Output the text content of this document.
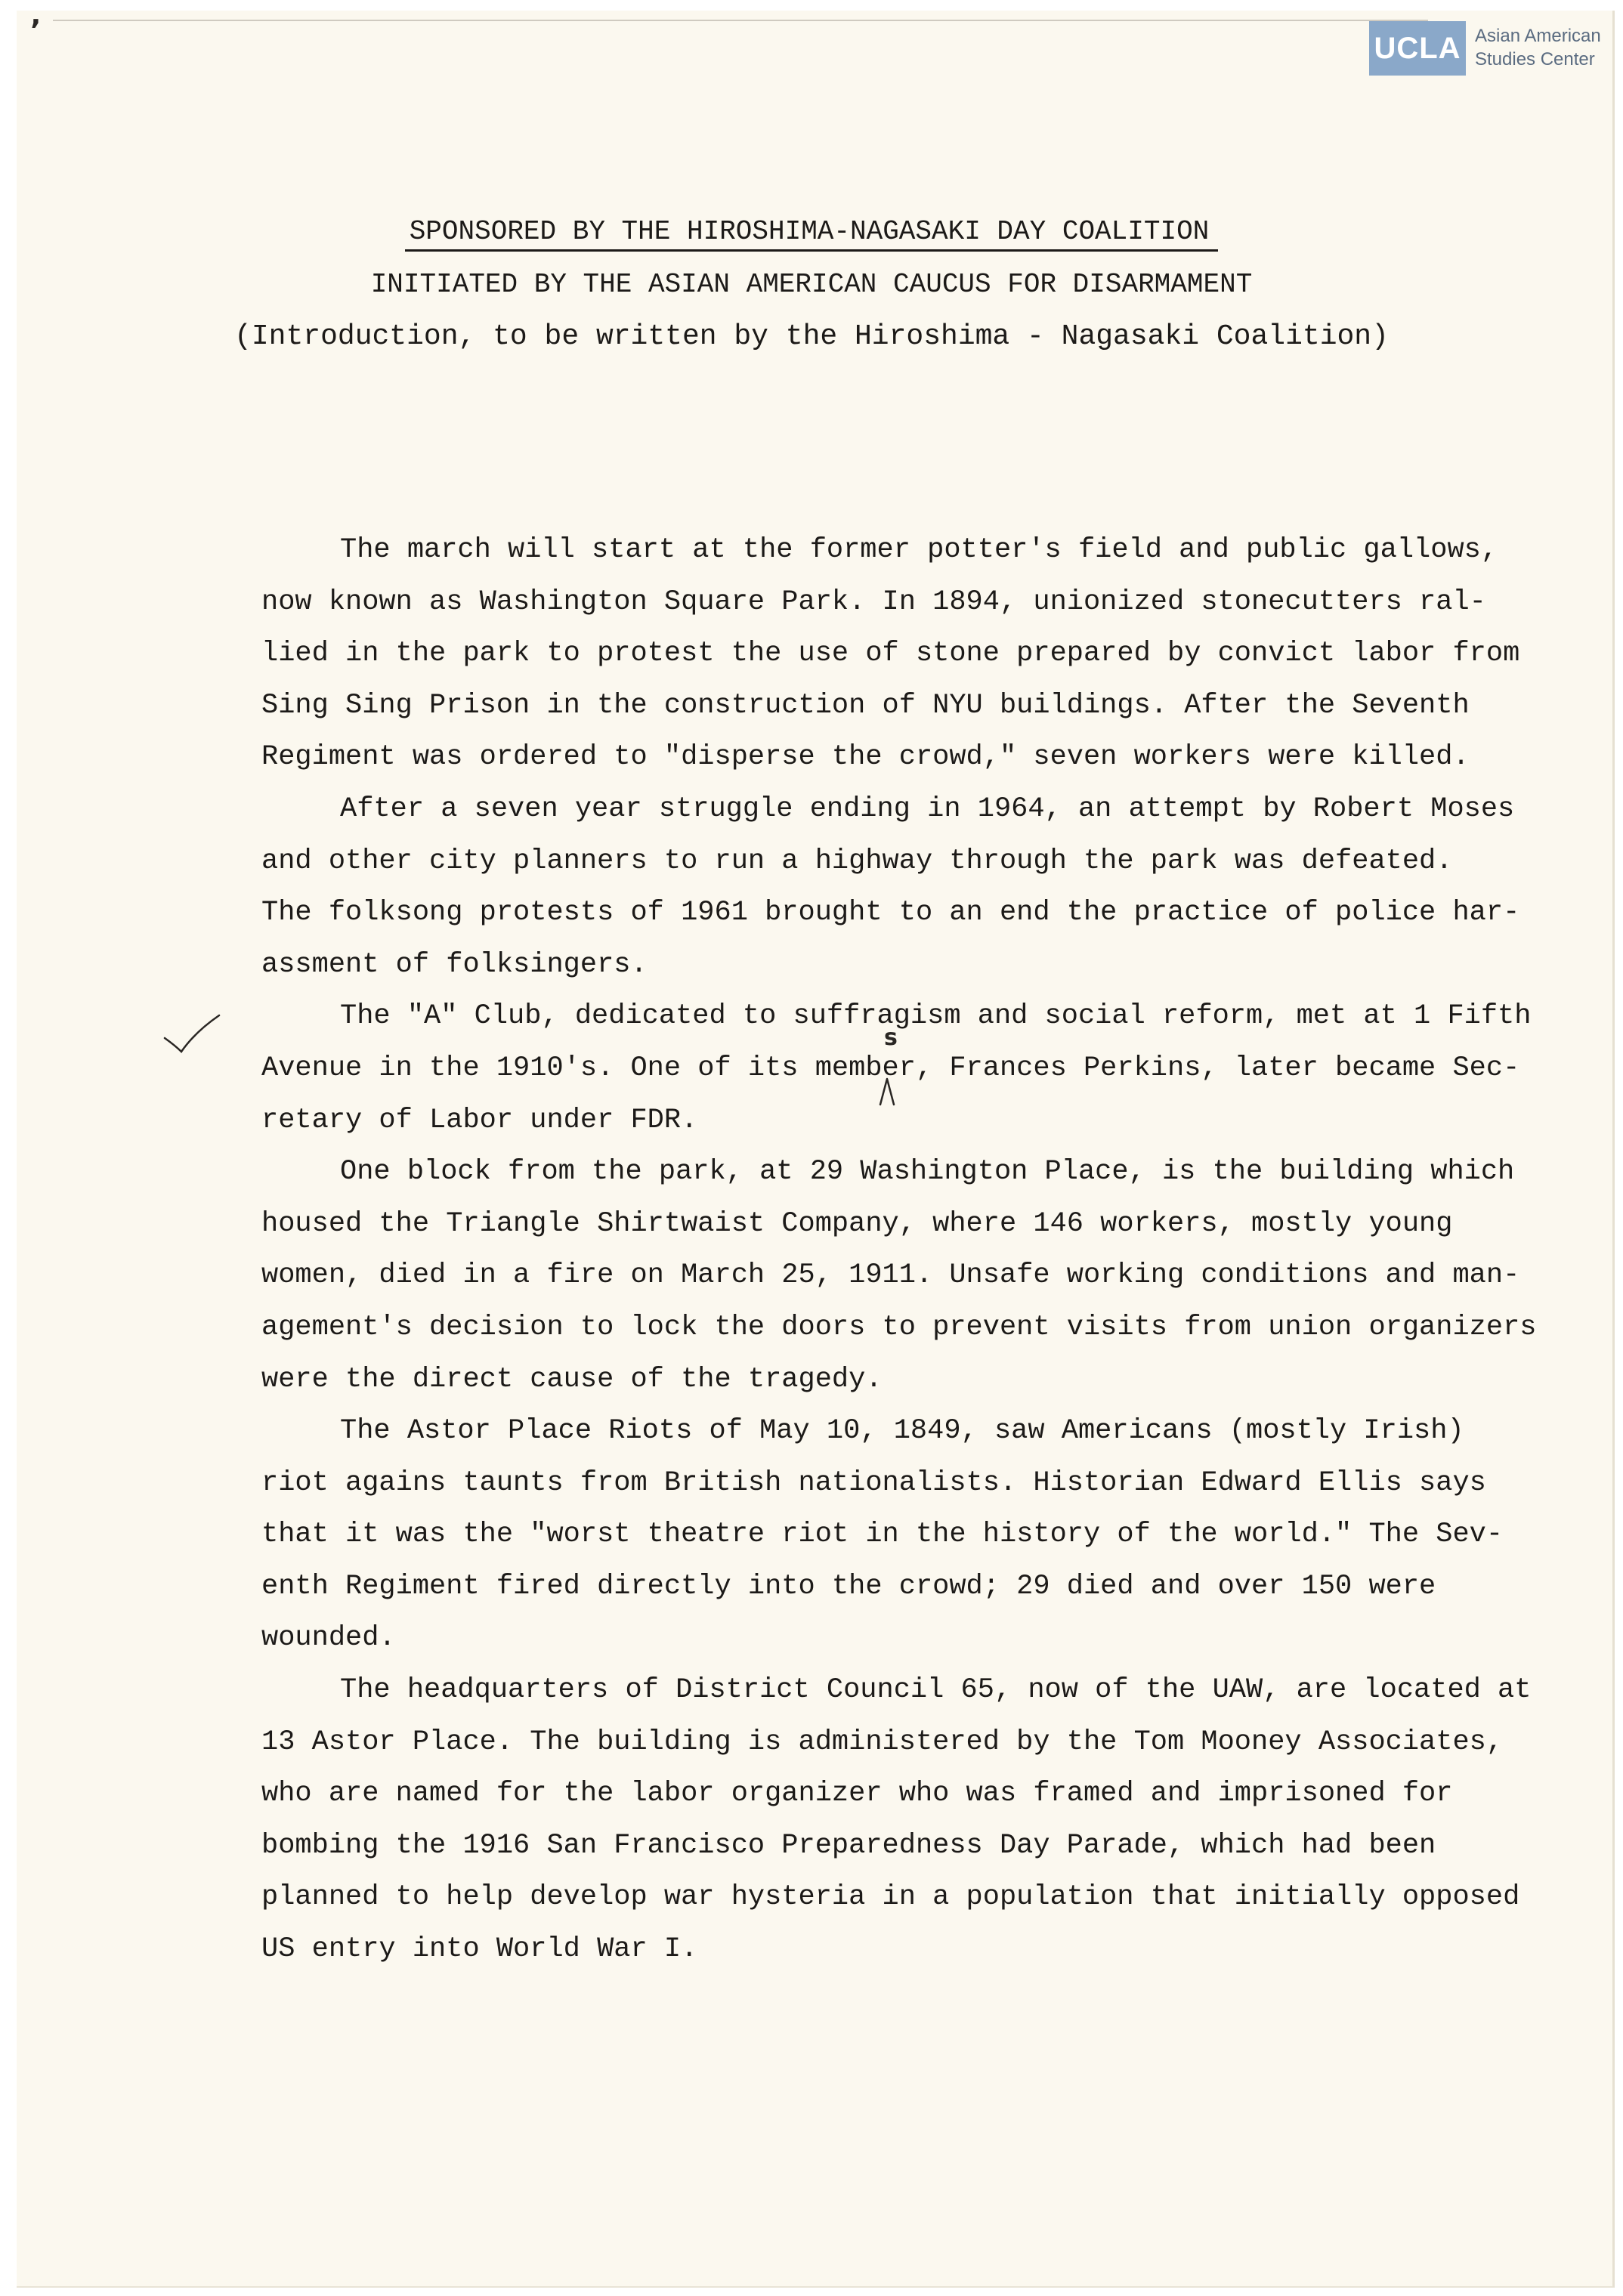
ʼ
UCLA Asian American
Studies Center
SPONSORED BY THE HIROSHIMA-NAGASAKI DAY COALITION
INITIATED BY THE ASIAN AMERICAN CAUCUS FOR DISARMAMENT
(Introduction, to be written by the Hiroshima - Nagasaki Coalition)
The march will start at the former potter's field and public gallows,
now known as Washington Square Park. In 1894, unionized stonecutters ral-
lied in the park to protest the use of stone prepared by convict labor from
Sing Sing Prison in the construction of NYU buildings. After the Seventh
Regiment was ordered to "disperse the crowd," seven workers were killed.
After a seven year struggle ending in 1964, an attempt by Robert Moses
and other city planners to run a highway through the park was defeated.
The folksong protests of 1961 brought to an end the practice of police har-
assment of folksingers.
The "A" Club, dedicated to suffragism and social reform, met at 1 Fifth
Avenue in the 1910's. One of its member, Frances Perkins, later became Sec-
retary of Labor under FDR.
One block from the park, at 29 Washington Place, is the building which
housed the Triangle Shirtwaist Company, where 146 workers, mostly young
women, died in a fire on March 25, 1911. Unsafe working conditions and man-
agement's decision to lock the doors to prevent visits from union organizers
were the direct cause of the tragedy.
The Astor Place Riots of May 10, 1849, saw Americans (mostly Irish)
riot agains taunts from British nationalists. Historian Edward Ellis says
that it was the "worst theatre riot in the history of the world." The Sev-
enth Regiment fired directly into the crowd; 29 died and over 150 were
wounded.
The headquarters of District Council 65, now of the UAW, are located at
13 Astor Place. The building is administered by the Tom Mooney Associates,
who are named for the labor organizer who was framed and imprisoned for
bombing the 1916 San Francisco Preparedness Day Parade, which had been
planned to help develop war hysteria in a population that initially opposed
US entry into World War I.
s
